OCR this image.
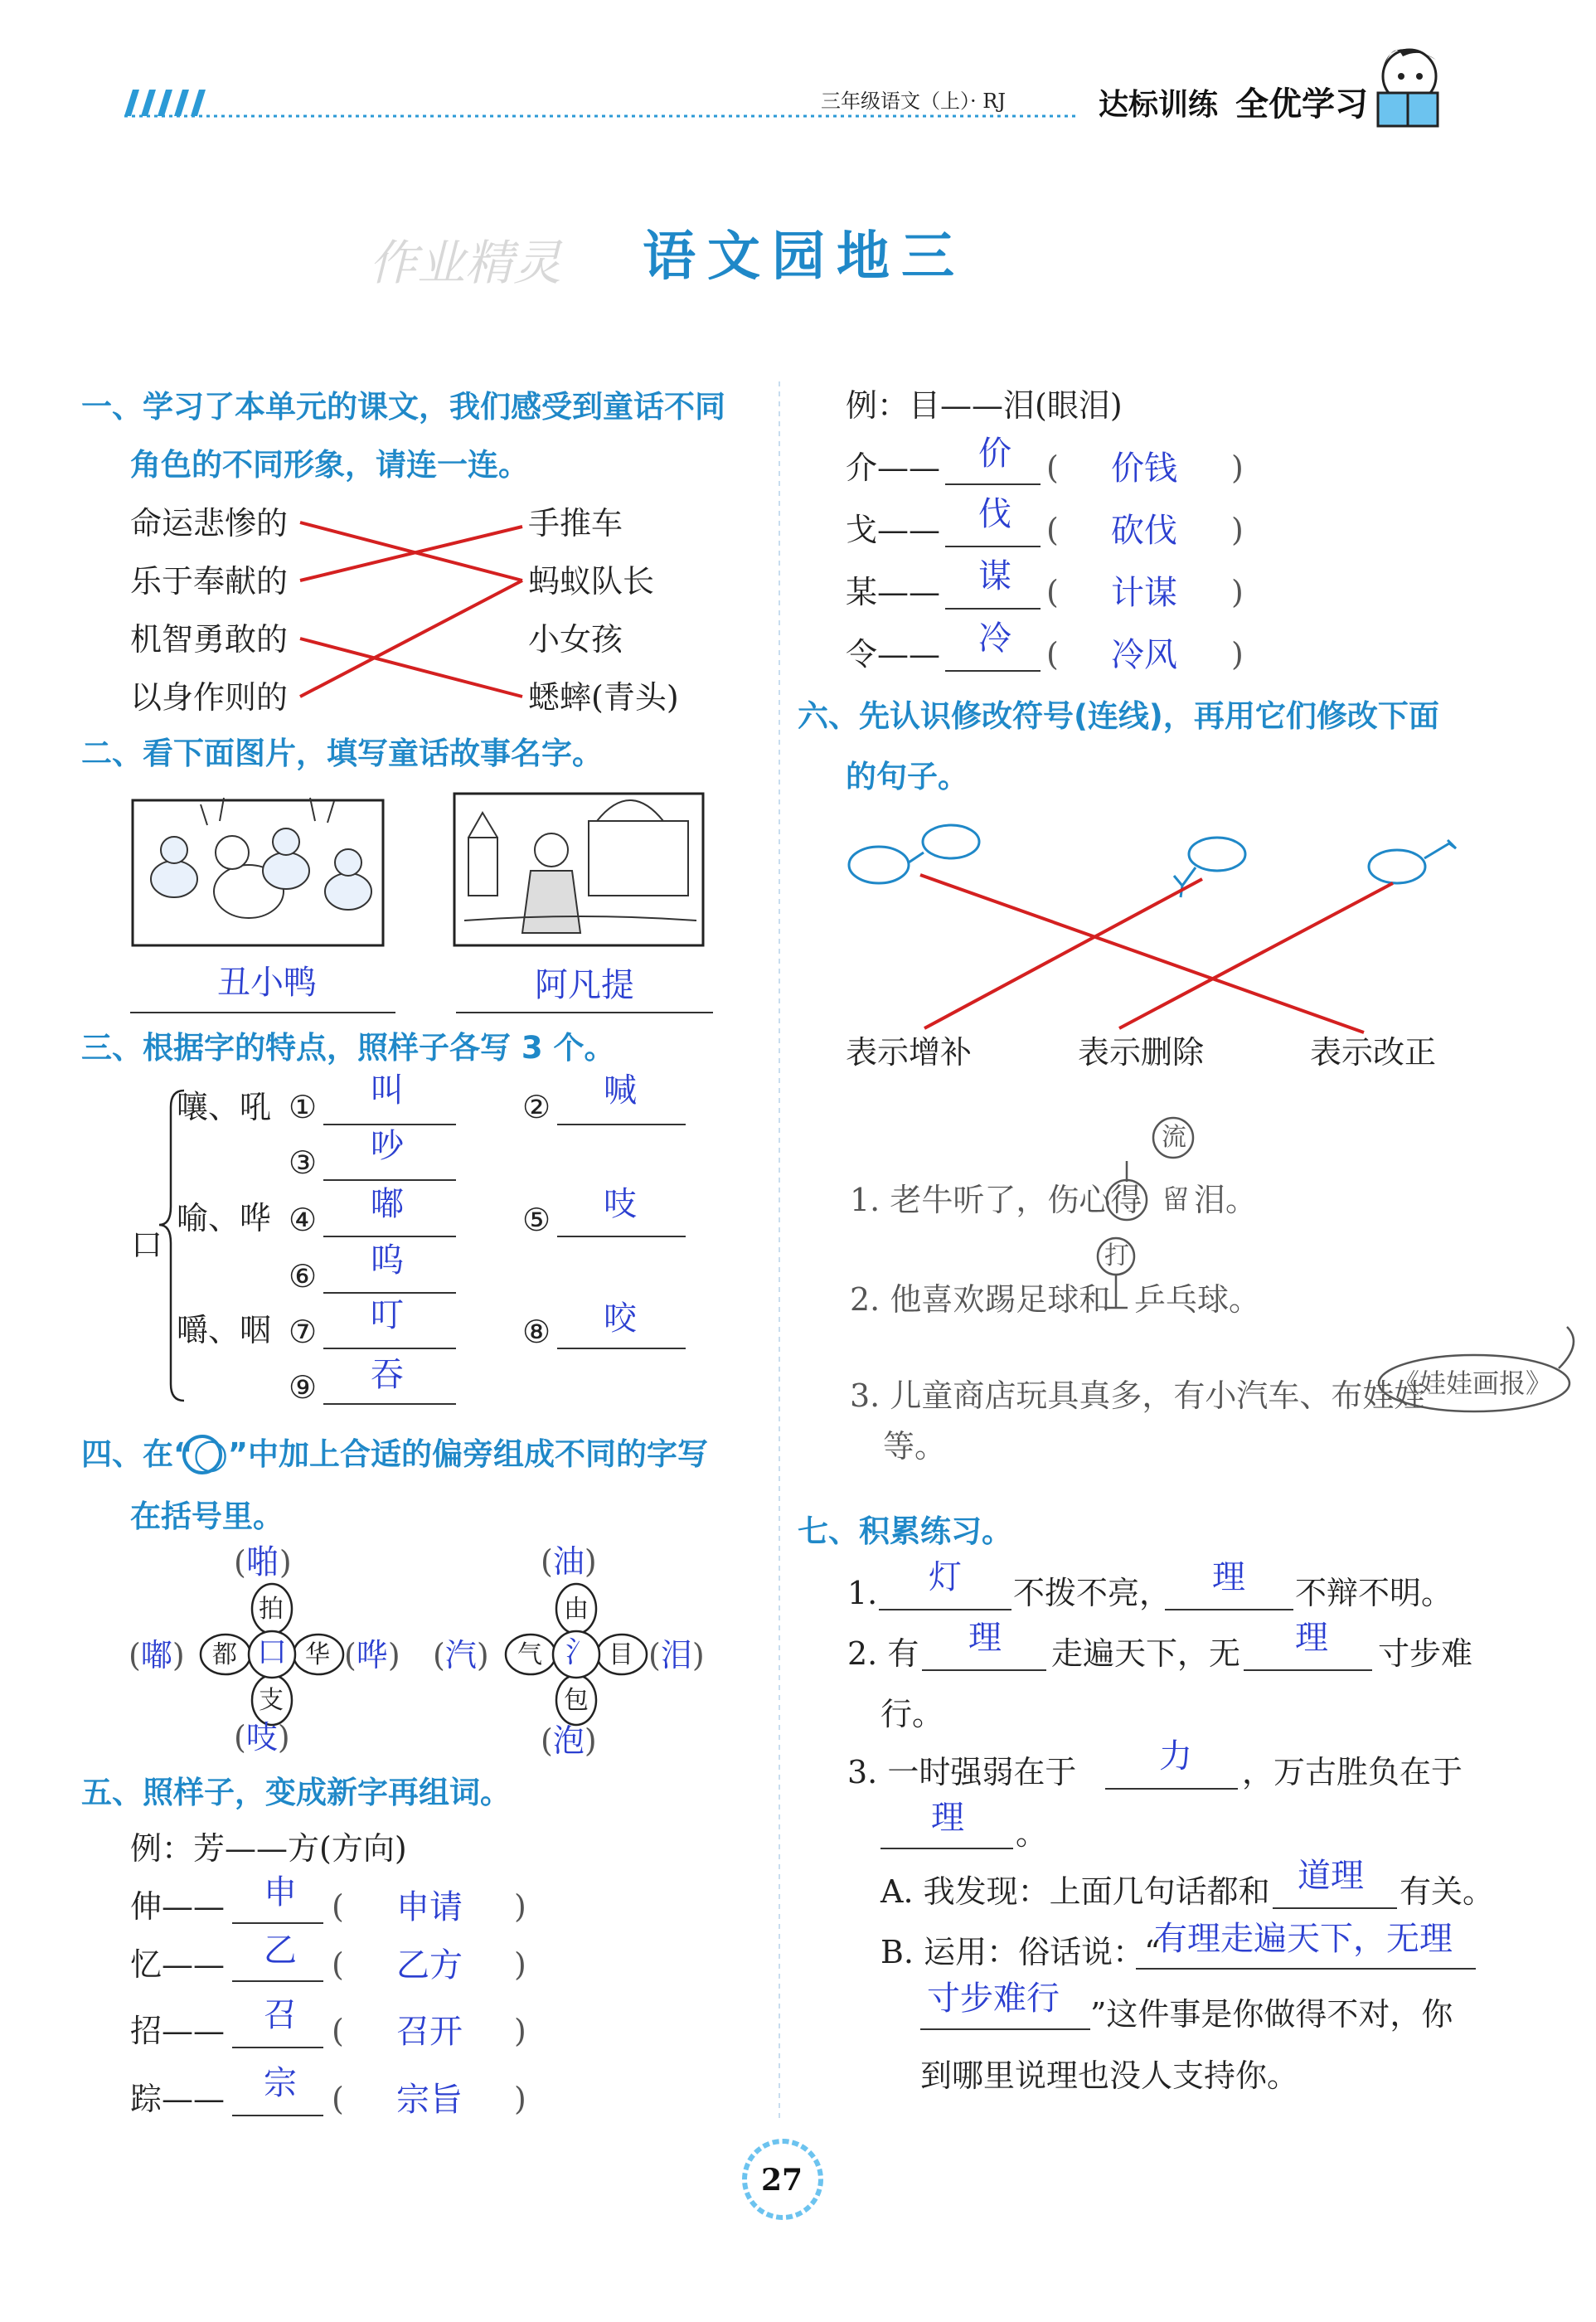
三年级语文（上）· RJ	达标训练 全优学习
作业精灵 语文园地三
一、学习了本单元的课文，我们感受到童话不同
角色的不同形象，请连一连。
命运悲惨的
乐于奉献的
机智勇敢的
以身作则的
手推车
蚂蚁队长
小女孩
蟋蟀(青头)
二、看下面图片，填写童话故事名字。
丑小鸭	阿凡提
三、根据字的特点，照样子各写 3 个。
口
嚷、吼
喻、哗
嚼、咽
① 叫	② 喊
③ 吵
④ 嘟	⑤ 吱
⑥ 呜
⑦ 叮	⑧ 咬
⑨ 吞
四、在“◯”中加上合适的偏旁组成不同的字写
在括号里。
拍
都	华
支
口
(啪)
(嘟)	(哗)
(吱)
由
气	目
包
氵
(油)
(汽)	(泪)
(泡)
五、照样子，变成新字再组词。
例：芳——方(方向)
伸—— 申 ( 申请 )
忆—— 乙 ( 乙方 )
招—— 召 ( 召开 )
踪—— 宗 ( 宗旨 )
例：目——泪(眼泪)
介—— 价 ( 价钱 )
戈—— 伐 ( 砍伐 )
某—— 谋 ( 计谋 )
令—— 冷 ( 冷风 )
六、先认识修改符号(连线)，再用它们修改下面
的句子。
表示增补	表示删除	表示改正
1. 老牛听了，伤心得 留
流
泪。
2. 他喜欢踢足球和
打
乒乓球。
3. 儿童商店玩具真多，有小汽车、布娃娃
《娃娃画报》
等。
七、积累练习。
1. 灯 不拨不亮， 理 不辩不明。
2. 有 理 走遍天下，无 理 寸步难
行。
3. 一时强弱在于 力 ，万古胜负在于
理 。
A. 我发现：上面几句话都和 道理 有关。
B. 运用：俗话说：“
有理走遍天下，无理
寸步难行 ”这件事是你做得不对，你
到哪里说理也没人支持你。
27
